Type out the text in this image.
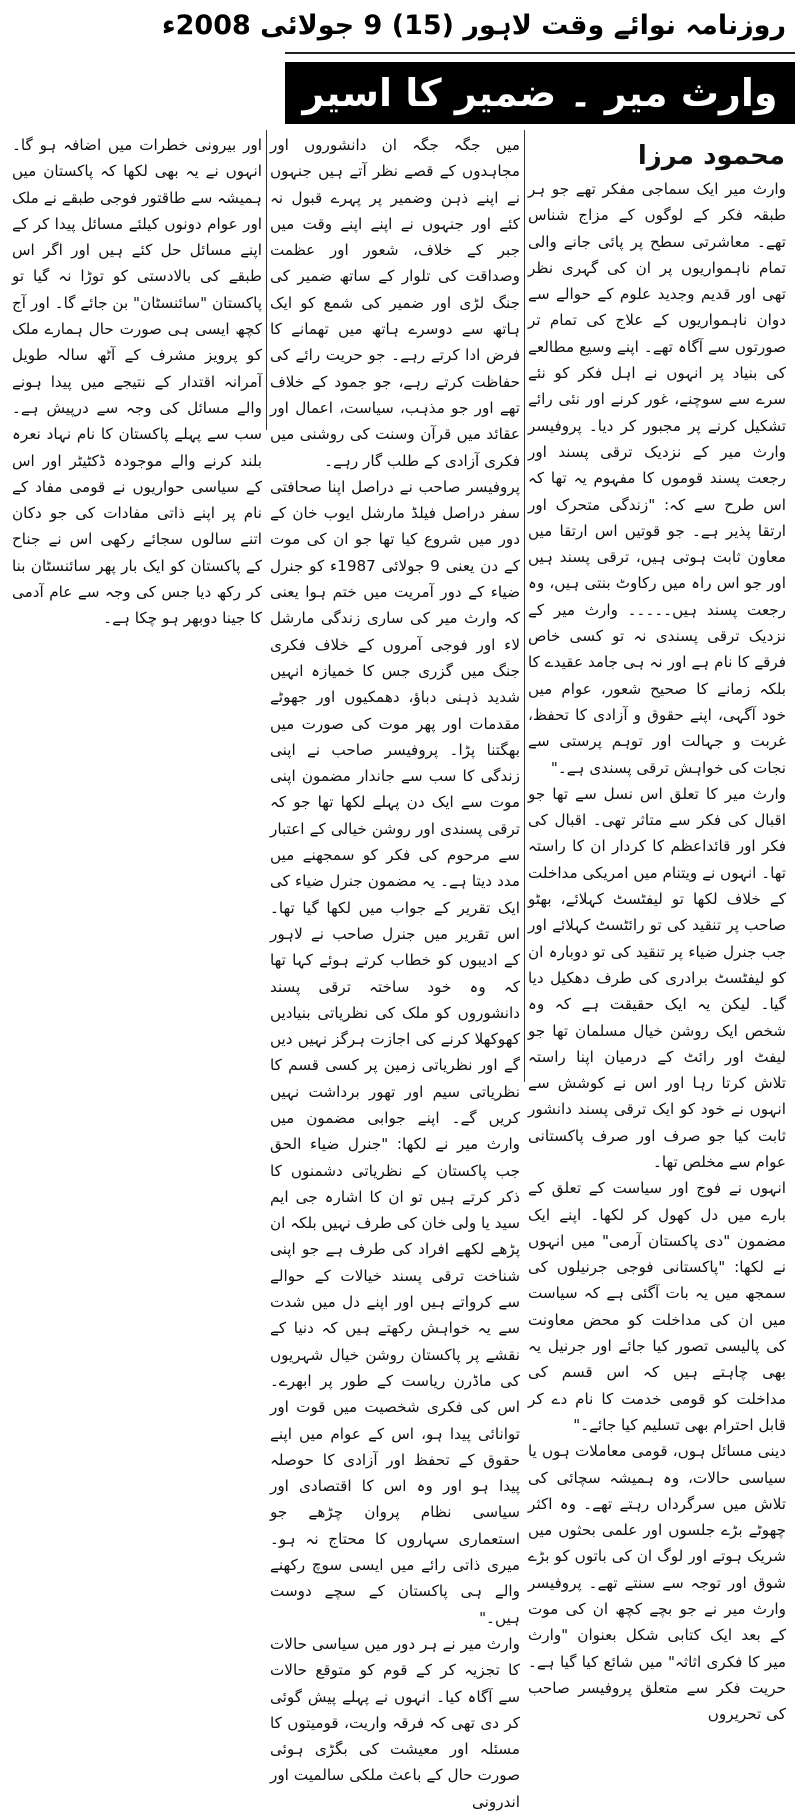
روزنامہ نوائے وقت لاہور (15) 9 جولائی 2008ء
وارث میر ۔ ضمیر کا اسیر
محمود مرزا

وارث میر ایک سماجی مفکر تھے جو ہر طبقہ فکر کے لوگوں کے مزاج شناس تھے۔ معاشرتی سطح پر پائی جانے والی تمام ناہمواریوں پر ان کی گہری نظر تھی اور قدیم وجدید علوم کے حوالے سے دوان ناہمواریوں کے علاج کی تمام تر صورتوں سے آگاہ تھے۔ اپنے وسیع مطالعے کی بنیاد پر انہوں نے اہل فکر کو نئے سرے سے سوچنے، غور کرنے اور نئی رائے تشکیل کرنے پر مجبور کر دیا۔ پروفیسر وارث میر کے نزدیک ترقی پسند اور رجعت پسند قوموں کا مفہوم یہ تھا کہ اس طرح سے کہ: "زندگی متحرک اور ارتقا پذیر ہے۔ جو قوتیں اس ارتقا میں معاون ثابت ہوتی ہیں، ترقی پسند ہیں اور جو اس راہ میں رکاوٹ بنتی ہیں، وہ رجعت پسند ہیں۔۔۔۔۔ وارث میر کے نزدیک ترقی پسندی نہ تو کسی خاص فرقے کا نام ہے اور نہ ہی جامد عقیدے کا بلکہ زمانے کا صحیح شعور، عوام میں خود آگہی، اپنے حقوق و آزادی کا تحفظ، غربت و جہالت اور توہم پرستی سے نجات کی خواہش ترقی پسندی ہے۔"

وارث میر کا تعلق اس نسل سے تھا جو اقبال کی فکر سے متاثر تھی۔ اقبال کی فکر اور قائداعظم کا کردار ان کا راستہ تھا۔ انہوں نے ویتنام میں امریکی مداخلت کے خلاف لکھا تو لیفٹسٹ کہلائے، بھٹو صاحب پر تنقید کی تو رائٹسٹ کہلائے اور جب جنرل ضیاء پر تنقید کی تو دوبارہ ان کو لیفٹسٹ برادری کی طرف دھکیل دیا گیا۔ لیکن یہ ایک حقیقت ہے کہ وہ شخص ایک روشن خیال مسلمان تھا جو لیفٹ اور رائٹ کے درمیان اپنا راستہ تلاش کرتا رہا اور اس نے کوشش سے انہوں نے خود کو ایک ترقی پسند دانشور ثابت کیا جو صرف اور صرف پاکستانی عوام سے مخلص تھا۔

انہوں نے فوج اور سیاست کے تعلق کے بارے میں دل کھول کر لکھا۔ اپنے ایک مضمون "دی پاکستان آرمی" میں انہوں نے لکھا: "پاکستانی فوجی جرنیلوں کی سمجھ میں یہ بات آگئی ہے کہ سیاست میں ان کی مداخلت کو محض معاونت کی پالیسی تصور کیا جائے اور جرنیل یہ بھی چاہتے ہیں کہ اس قسم کی مداخلت کو قومی خدمت کا نام دے کر قابل احترام بھی تسلیم کیا جائے۔"

دینی مسائل ہوں، قومی معاملات ہوں یا سیاسی حالات، وہ ہمیشہ سچائی کی تلاش میں سرگرداں رہتے تھے۔ وہ اکثر چھوٹے بڑے جلسوں اور علمی بحثوں میں شریک ہوتے اور لوگ ان کی باتوں کو بڑے شوق اور توجہ سے سنتے تھے۔ پروفیسر وارث میر نے جو بچے کچھ ان کی موت کے بعد ایک کتابی شکل بعنوان "وارث میر کا فکری اثاثہ" میں شائع کیا گیا ہے۔ حریت فکر سے متعلق پروفیسر صاحب کی تحریروں

میں جگہ جگہ ان دانشوروں اور مجاہدوں کے قصے نظر آتے ہیں جنہوں نے اپنے ذہن وضمیر پر پہرے قبول نہ کئے اور جنہوں نے اپنے اپنے وقت میں جبر کے خلاف، شعور اور عظمت وصداقت کی تلوار کے ساتھ ضمیر کی جنگ لڑی اور ضمیر کی شمع کو ایک ہاتھ سے دوسرے ہاتھ میں تھمانے کا فرض ادا کرتے رہے۔ جو حریت رائے کی حفاظت کرتے رہے، جو جمود کے خلاف تھے اور جو مذہب، سیاست، اعمال اور عقائد میں قرآن وسنت کی روشنی میں فکری آزادی کے طلب گار رہے۔

پروفیسر صاحب نے دراصل اپنا صحافتی سفر دراصل فیلڈ مارشل ایوب خان کے دور میں شروع کیا تھا جو ان کی موت کے دن یعنی 9 جولائی 1987ء کو جنرل ضیاء کے دور آمریت میں ختم ہوا یعنی کہ وارث میر کی ساری زندگی مارشل لاء اور فوجی آمروں کے خلاف فکری جنگ میں گزری جس کا خمیازہ انہیں شدید ذہنی دباؤ، دھمکیوں اور جھوٹے مقدمات اور پھر موت کی صورت میں بھگتنا پڑا۔ پروفیسر صاحب نے اپنی زندگی کا سب سے جاندار مضمون اپنی موت سے ایک دن پہلے لکھا تھا جو کہ ترقی پسندی اور روشن خیالی کے اعتبار سے مرحوم کی فکر کو سمجھنے میں مدد دیتا ہے۔ یہ مضمون جنرل ضیاء کی ایک تقریر کے جواب میں لکھا گیا تھا۔ اس تقریر میں جنرل صاحب نے لاہور کے ادیبوں کو خطاب کرتے ہوئے کہا تھا کہ وہ خود ساختہ ترقی پسند دانشوروں کو ملک کی نظریاتی بنیادیں کھوکھلا کرنے کی اجازت ہرگز نہیں دیں گے اور نظریاتی زمین پر کسی قسم کا نظریاتی سیم اور تھور برداشت نہیں کریں گے۔ اپنے جوابی مضمون میں وارث میر نے لکھا: "جنرل ضیاء الحق جب پاکستان کے نظریاتی دشمنوں کا ذکر کرتے ہیں تو ان کا اشارہ جی ایم سید یا ولی خان کی طرف نہیں بلکہ ان پڑھے لکھے افراد کی طرف ہے جو اپنی شناخت ترقی پسند خیالات کے حوالے سے کرواتے ہیں اور اپنے دل میں شدت سے یہ خواہش رکھتے ہیں کہ دنیا کے نقشے پر پاکستان روشن خیال شہریوں کی ماڈرن ریاست کے طور پر ابھرے۔ اس کی فکری شخصیت میں قوت اور توانائی پیدا ہو، اس کے عوام میں اپنے حقوق کے تحفظ اور آزادی کا حوصلہ پیدا ہو اور وہ اس کا اقتصادی اور سیاسی نظام پروان چڑھے جو استعماری سہاروں کا محتاج نہ ہو۔ میری ذاتی رائے میں ایسی سوچ رکھنے والے ہی پاکستان کے سچے دوست ہیں۔"

وارث میر نے ہر دور میں سیاسی حالات کا تجزیہ کر کے قوم کو متوقع حالات سے آگاہ کیا۔ انہوں نے پہلے پیش گوئی کر دی تھی کہ فرقہ واریت، قومیتوں کا مسئلہ اور معیشت کی بگڑی ہوئی صورت حال کے باعث ملکی سالمیت اور اندرونی

اور بیرونی خطرات میں اضافہ ہو گا۔ انہوں نے یہ بھی لکھا کہ پاکستان میں ہمیشہ سے طاقتور فوجی طبقے نے ملک اور عوام دونوں کیلئے مسائل پیدا کر کے اپنے مسائل حل کئے ہیں اور اگر اس طبقے کی بالادستی کو توڑا نہ گیا تو پاکستان "سائنسٹان" بن جائے گا۔ اور آج کچھ ایسی ہی صورت حال ہمارے ملک کو پرویز مشرف کے آٹھ سالہ طویل آمرانہ اقتدار کے نتیجے میں پیدا ہونے والے مسائل کی وجہ سے درپیش ہے۔ سب سے پہلے پاکستان کا نام نہاد نعرہ بلند کرنے والے موجودہ ڈکٹیٹر اور اس کے سیاسی حواریوں نے قومی مفاد کے نام پر اپنے ذاتی مفادات کی جو دکان اتنے سالوں سجائے رکھی اس نے جناح کے پاکستان کو ایک بار پھر سائنسٹان بنا کر رکھ دیا جس کی وجہ سے عام آدمی کا جینا دوبھر ہو چکا ہے۔
